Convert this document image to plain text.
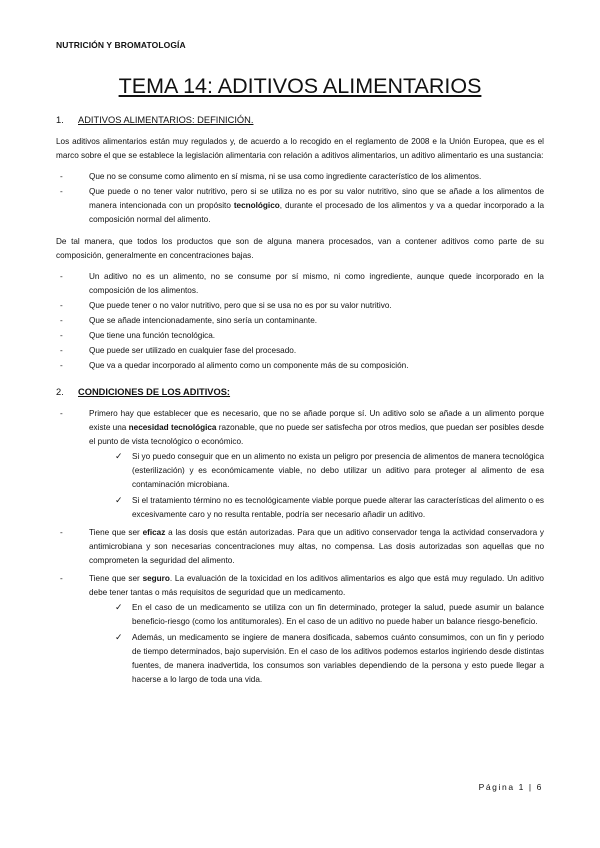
NUTRICIÓN Y BROMATOLOGÍA
TEMA 14: ADITIVOS ALIMENTARIOS
1. ADITIVOS ALIMENTARIOS: DEFINICIÓN.

Los aditivos alimentarios están muy regulados y, de acuerdo a lo recogido en el reglamento de 2008 e la Unión Europea, que es el marco sobre el que se establece la legislación alimentaria con relación a aditivos alimentarios, un aditivo alimentario es una sustancia:

- Que no se consume como alimento en sí misma, ni se usa como ingrediente característico de los alimentos.
- Que puede o no tener valor nutritivo, pero si se utiliza no es por su valor nutritivo, sino que se añade a los alimentos de manera intencionada con un propósito tecnológico, durante el procesado de los alimentos y va a quedar incorporado a la composición normal del alimento.

De tal manera, que todos los productos que son de alguna manera procesados, van a contener aditivos como parte de su composición, generalmente en concentraciones bajas.

- Un aditivo no es un alimento, no se consume por sí mismo, ni como ingrediente, aunque quede incorporado en la composición de los alimentos.
- Que puede tener o no valor nutritivo, pero que si se usa no es por su valor nutritivo.
- Que se añade intencionadamente, sino sería un contaminante.
- Que tiene una función tecnológica.
- Que puede ser utilizado en cualquier fase del procesado.
- Que va a quedar incorporado al alimento como un componente más de su composición.
2. CONDICIONES DE LOS ADITIVOS:
- Primero hay que establecer que es necesario, que no se añade porque sí. Un aditivo solo se añade a un alimento porque existe una necesidad tecnológica razonable, que no puede ser satisfecha por otros medios, que puedan ser posibles desde el punto de vista tecnológico o económico.
✓ Si yo puedo conseguir que en un alimento no exista un peligro por presencia de alimentos de manera tecnológica (esterilización) y es económicamente viable, no debo utilizar un aditivo para proteger al alimento de esa contaminación microbiana.
✓ Si el tratamiento término no es tecnológicamente viable porque puede alterar las características del alimento o es excesivamente caro y no resulta rentable, podría ser necesario añadir un aditivo.
- Tiene que ser eficaz a las dosis que están autorizadas. Para que un aditivo conservador tenga la actividad conservadora y antimicrobiana y son necesarias concentraciones muy altas, no compensa. Las dosis autorizadas son aquellas que no comprometen la seguridad del alimento.
- Tiene que ser seguro. La evaluación de la toxicidad en los aditivos alimentarios es algo que está muy regulado. Un aditivo debe tener tantas o más requisitos de seguridad que un medicamento.
✓ En el caso de un medicamento se utiliza con un fin determinado, proteger la salud, puede asumir un balance beneficio-riesgo (como los antitumorales). En el caso de un aditivo no puede haber un balance riesgo-beneficio.
✓ Además, un medicamento se ingiere de manera dosificada, sabemos cuánto consumimos, con un fin y periodo de tiempo determinados, bajo supervisión. En el caso de los aditivos podemos estarlos ingiriendo desde distintas fuentes, de manera inadvertida, los consumos son variables dependiendo de la persona y esto puede llegar a hacerse a lo largo de toda una vida.
Página 1 | 6
